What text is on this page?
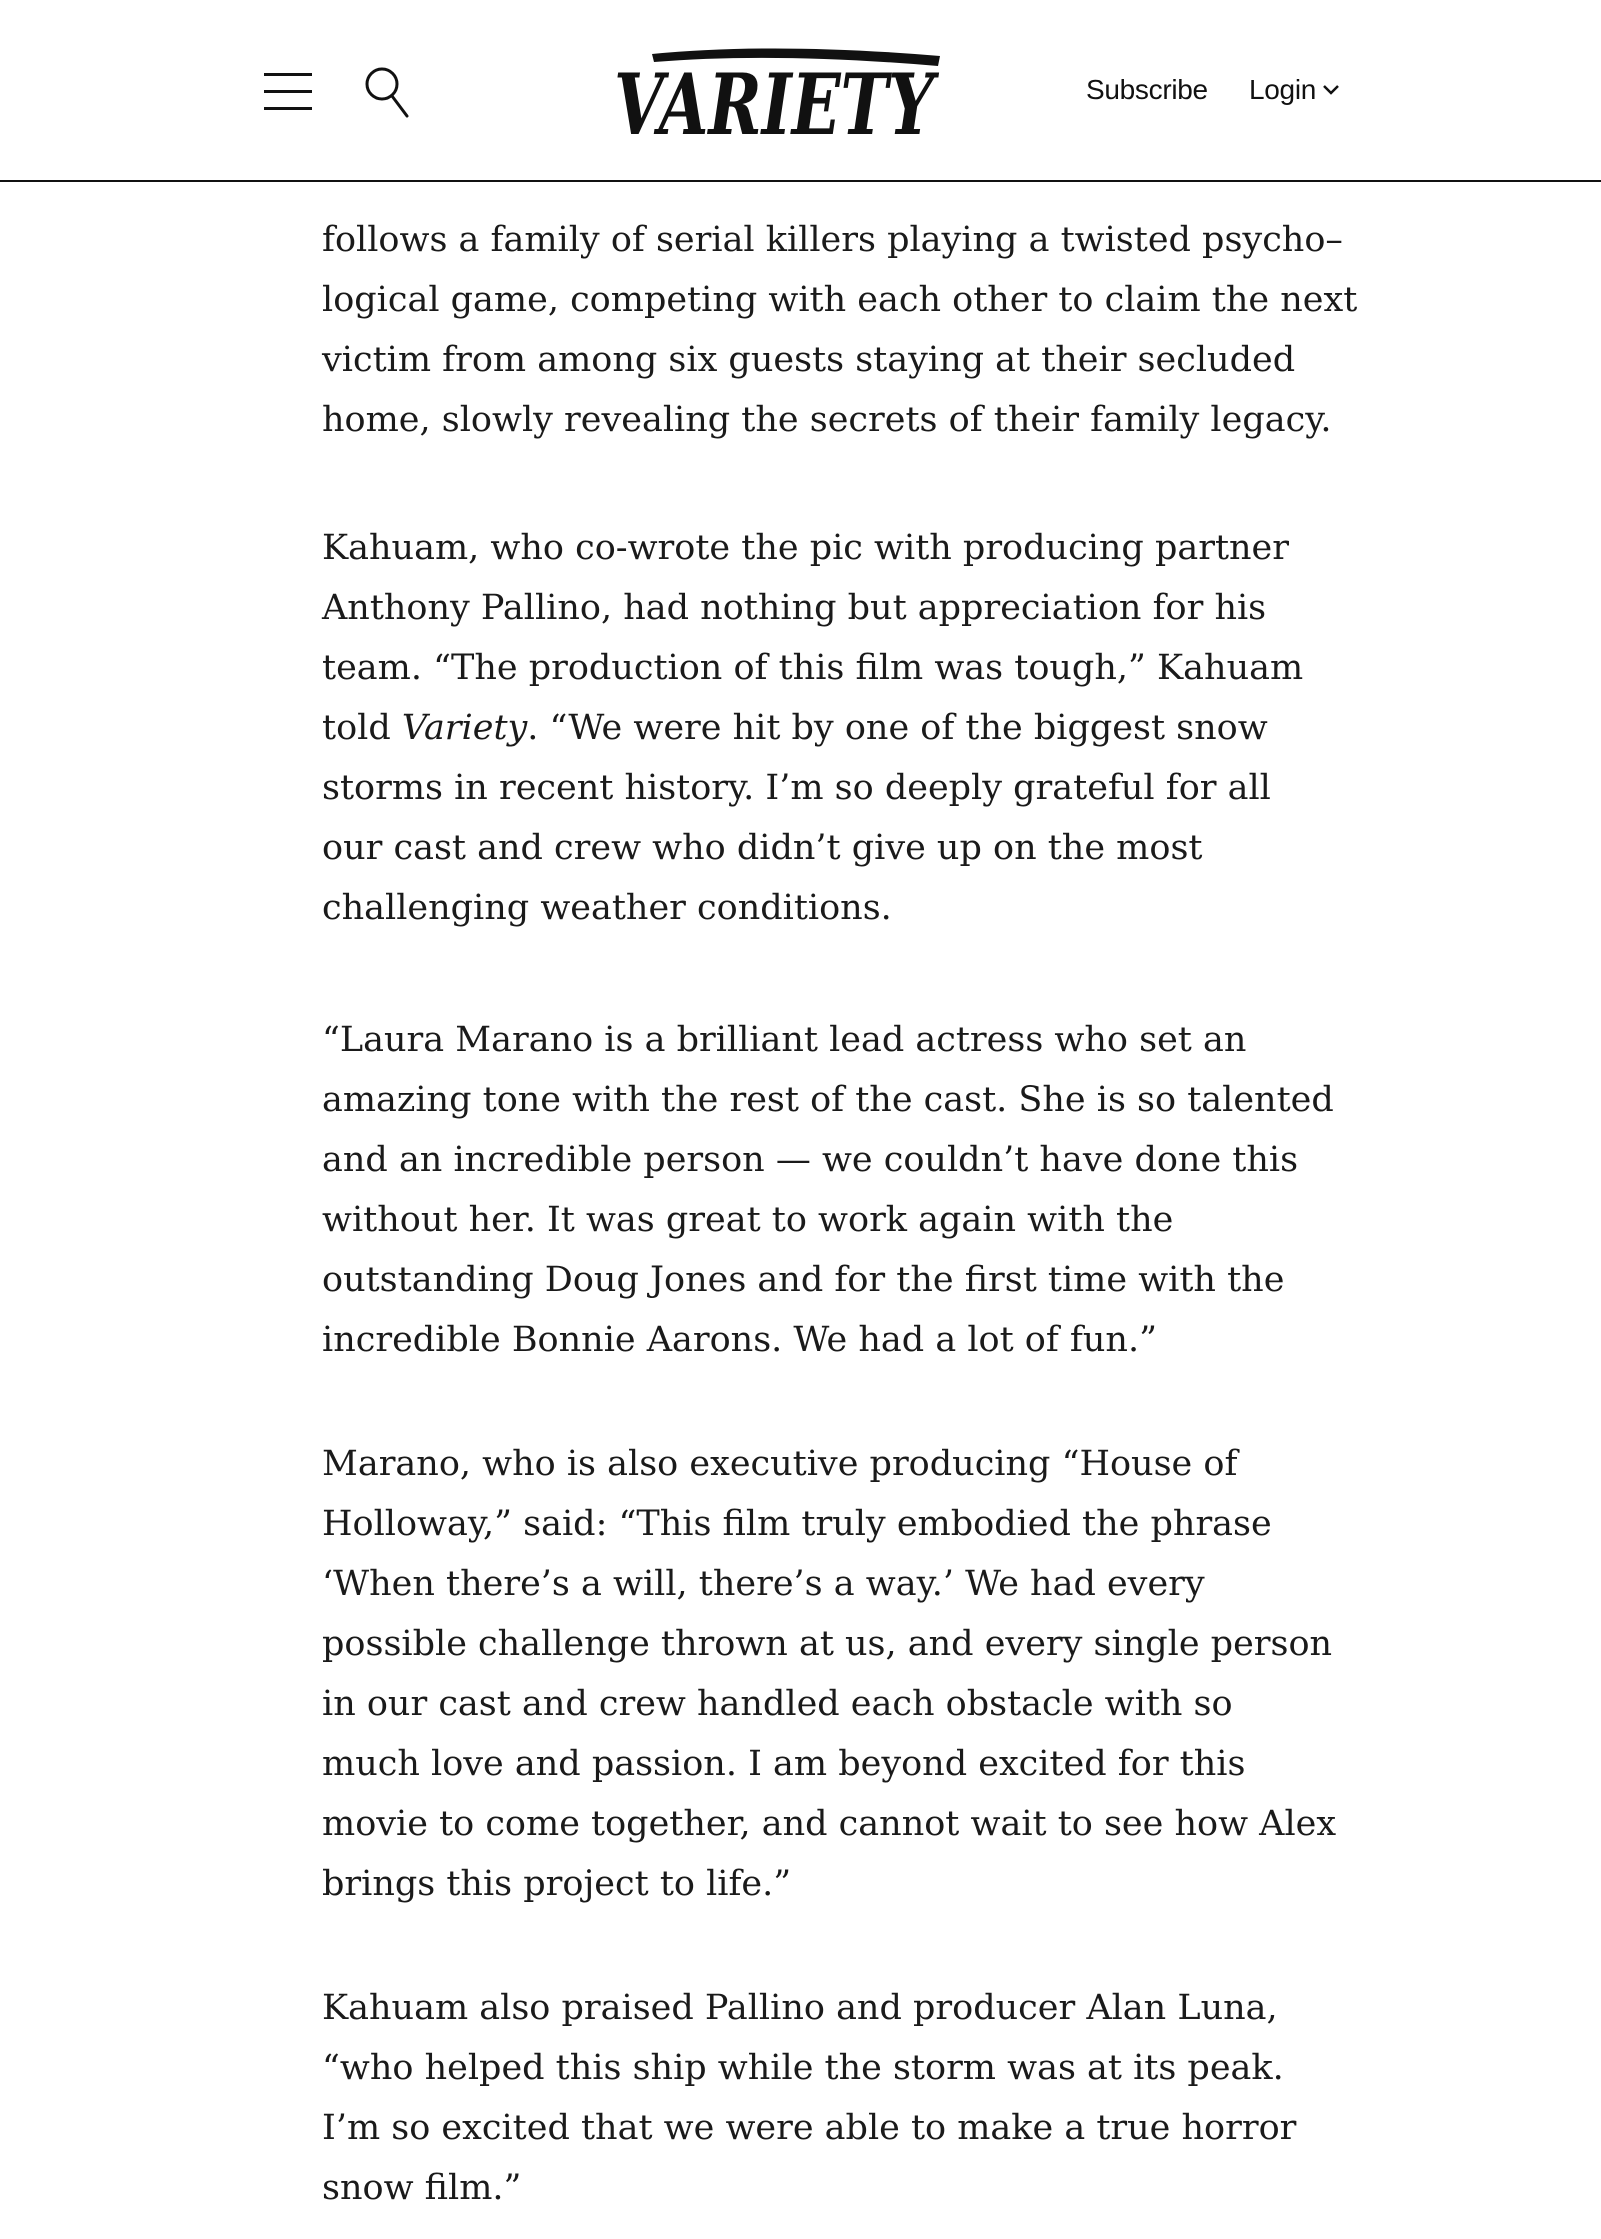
VARIETY	Subscribe Login

follows a family of serial killers playing a twisted psycho–
logical game, competing with each other to claim the next
victim from among six guests staying at their secluded
home, slowly revealing the secrets of their family legacy.

Kahuam, who co-wrote the pic with producing partner
Anthony Pallino, had nothing but appreciation for his
team. “The production of this film was tough,” Kahuam
told Variety. “We were hit by one of the biggest snow
storms in recent history. I’m so deeply grateful for all
our cast and crew who didn’t give up on the most
challenging weather conditions.

“Laura Marano is a brilliant lead actress who set an
amazing tone with the rest of the cast. She is so talented
and an incredible person — we couldn’t have done this
without her. It was great to work again with the
outstanding Doug Jones and for the first time with the
incredible Bonnie Aarons. We had a lot of fun.”

Marano, who is also executive producing “House of
Holloway,” said: “This film truly embodied the phrase
‘When there’s a will, there’s a way.’ We had every
possible challenge thrown at us, and every single person
in our cast and crew handled each obstacle with so
much love and passion. I am beyond excited for this
movie to come together, and cannot wait to see how Alex
brings this project to life.”

Kahuam also praised Pallino and producer Alan Luna,
“who helped this ship while the storm was at its peak.
I’m so excited that we were able to make a true horror
snow film.”
